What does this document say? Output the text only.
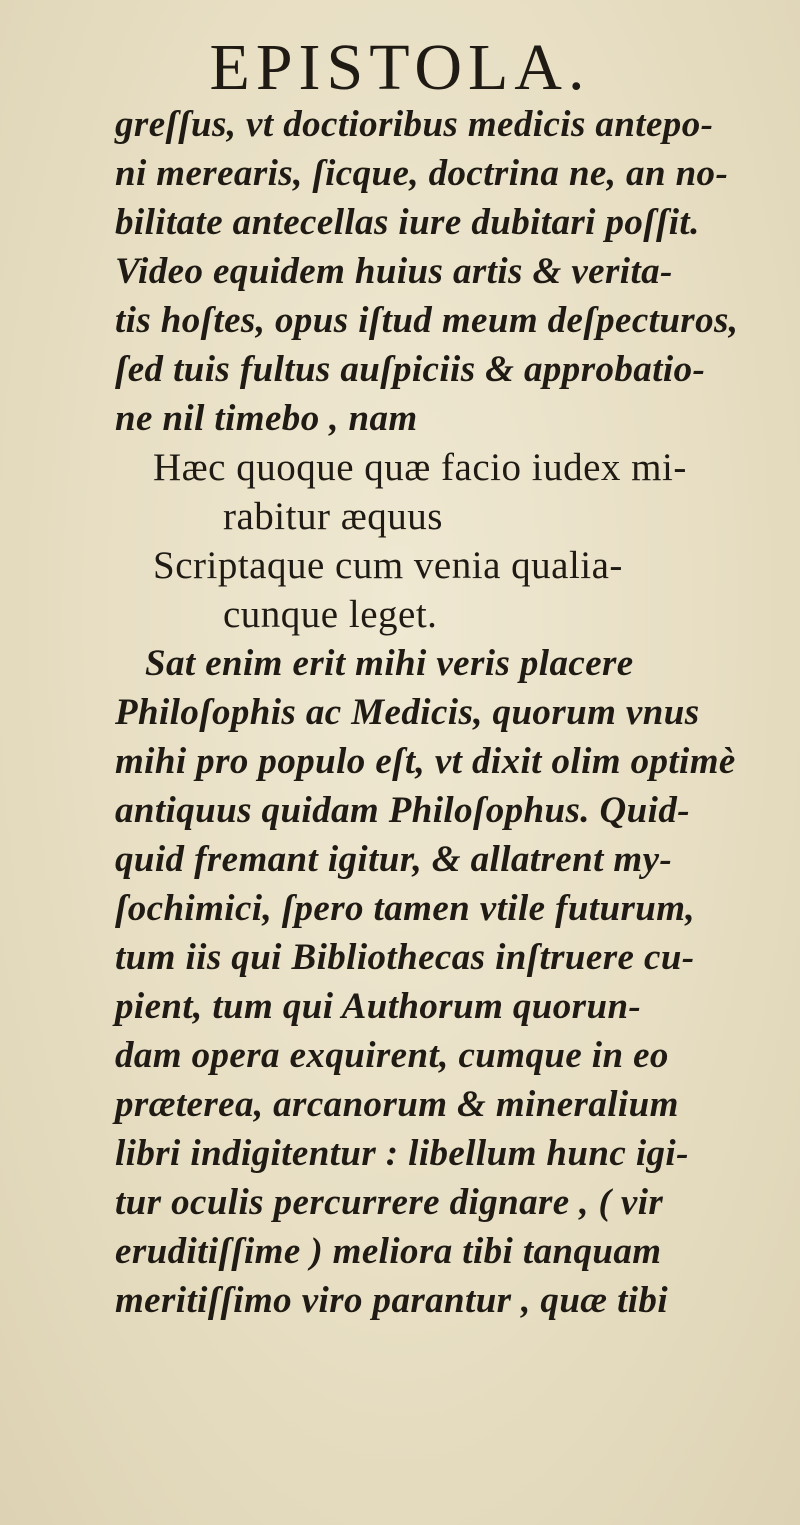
EPISTOLA.
greſſus, vt doctioribus medicis antepo-
ni merearis, ſicque, doctrina ne, an no-
bilitate antecellas iure dubitari poſſit.
Video equidem huius artis & verita-
tis hoſtes, opus iſtud meum deſpecturos,
ſed tuis fultus auſpiciis & approbatio-
ne nil timebo , nam
Hæc quoque quæ facio iudex mi-
rabitur æquus
Scriptaque cum venia qualia-
cunque leget.
Sat enim erit mihi veris placere
Philoſophis ac Medicis, quorum vnus
mihi pro populo eſt, vt dixit olim optimè
antiquus quidam Philoſophus. Quid-
quid fremant igitur, & allatrent my-
ſochimici, ſpero tamen vtile futurum,
tum iis qui Bibliothecas inſtruere cu-
pient, tum qui Authorum quorun-
dam opera exquirent, cumque in eo
præterea, arcanorum & mineralium
libri indigitentur : libellum hunc igi-
tur oculis percurrere dignare , ( vir
eruditiſſime ) meliora tibi tanquam
meritiſſimo viro parantur , quæ tibi
